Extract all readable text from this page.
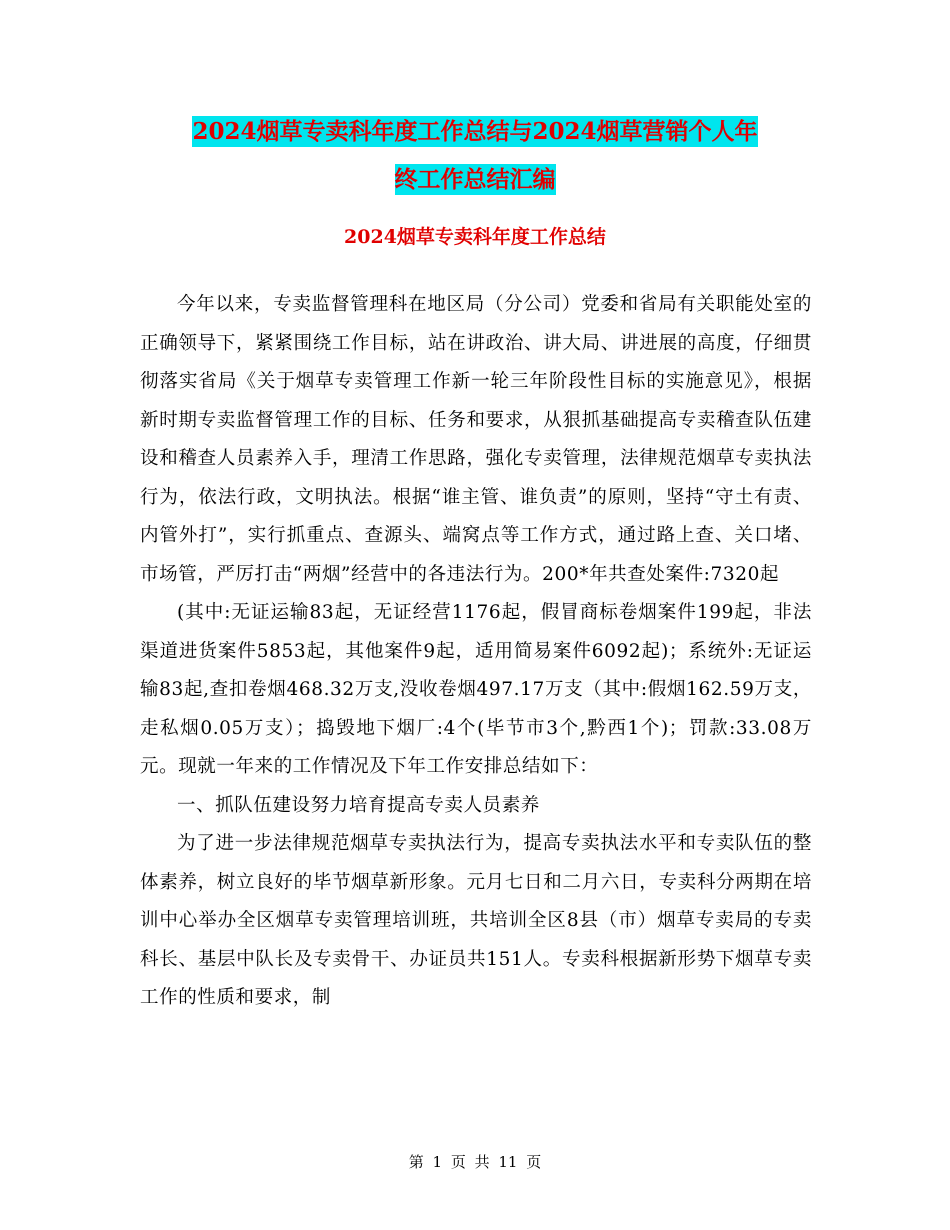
2024烟草专卖科年度工作总结与2024烟草营销个人年
终工作总结汇编
2024烟草专卖科年度工作总结

今年以来，专卖监督管理科在地区局（分公司）党委和省局有关职能处室的正确领导下，紧紧围绕工作目标，站在讲政治、讲大局、讲进展的高度，仔细贯彻落实省局《关于烟草专卖管理工作新一轮三年阶段性目标的实施意见》，根据新时期专卖监督管理工作的目标、任务和要求，从狠抓基础提高专卖稽查队伍建设和稽查人员素养入手，理清工作思路，强化专卖管理，法律规范烟草专卖执法行为，依法行政，文明执法。根据“谁主管、谁负责”的原则，坚持“守土有责、内管外打”，实行抓重点、查源头、端窝点等工作方式，通过路上查、关口堵、市场管，严厉打击“两烟”经营中的各违法行为。200*年共查处案件:7320起

(其中:无证运输83起，无证经营1176起，假冒商标卷烟案件199起，非法渠道进货案件5853起，其他案件9起，适用简易案件6092起)；系统外:无证运输83起,查扣卷烟468.32万支,没收卷烟497.17万支（其中:假烟162.59万支，走私烟0.05万支）；捣毁地下烟厂:4个(毕节市3个,黔西1个)；罚款:33.08万元。现就一年来的工作情况及下年工作安排总结如下：

一、抓队伍建设努力培育提高专卖人员素养

为了进一步法律规范烟草专卖执法行为，提高专卖执法水平和专卖队伍的整体素养，树立良好的毕节烟草新形象。元月七日和二月六日，专卖科分两期在培训中心举办全区烟草专卖管理培训班，共培训全区8县（市）烟草专卖局的专卖科长、基层中队长及专卖骨干、办证员共151人。专卖科根据新形势下烟草专卖工作的性质和要求，制

第 1 页 共 11 页
